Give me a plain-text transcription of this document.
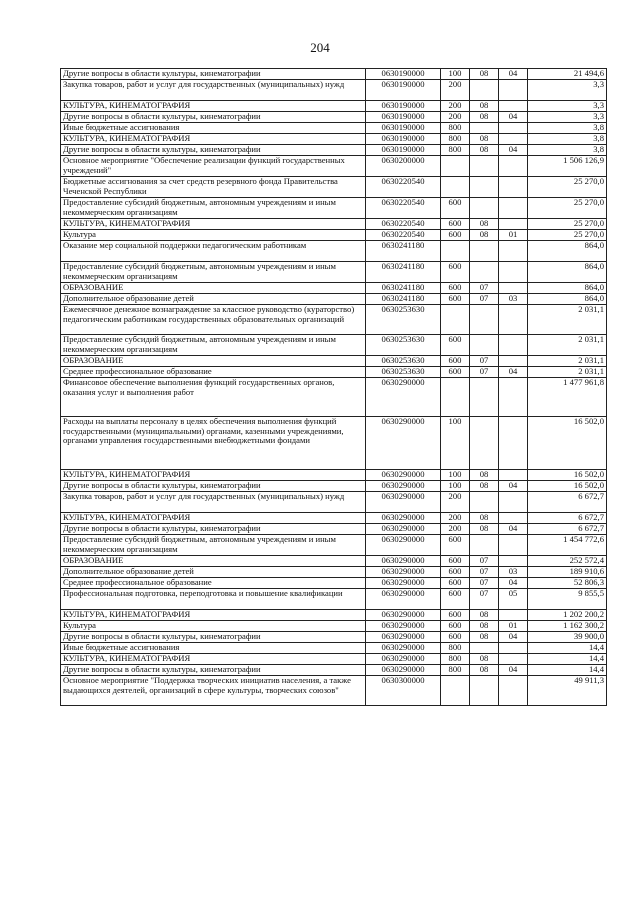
204
Другие вопросы в области культуры, кинематографии	0630190000	100	08	04	21 494,6
Закупка товаров, работ и услуг для государственных (муниципальных) нужд	0630190000	200			3,3
КУЛЬТУРА, КИНЕМАТОГРАФИЯ	0630190000	200	08		3,3
Другие вопросы в области культуры, кинематографии	0630190000	200	08	04	3,3
Иные бюджетные ассигнования	0630190000	800			3,8
КУЛЬТУРА, КИНЕМАТОГРАФИЯ	0630190000	800	08		3,8
Другие вопросы в области культуры, кинематографии	0630190000	800	08	04	3,8
Основное мероприятие "Обеспечение реализации функций государственных учреждений"	0630200000				1 506 126,9
Бюджетные ассигнования за счет средств резервного фонда Правительства Чеченской Республики	0630220540				25 270,0
Предоставление субсидий бюджетным, автономным учреждениям и иным некоммерческим организациям	0630220540	600			25 270,0
КУЛЬТУРА, КИНЕМАТОГРАФИЯ	0630220540	600	08		25 270,0
Культура	0630220540	600	08	01	25 270,0
Оказание мер социальной поддержки педагогическим работникам	0630241180				864,0
Предоставление субсидий бюджетным, автономным учреждениям и иным некоммерческим организациям	0630241180	600			864,0
ОБРАЗОВАНИЕ	0630241180	600	07		864,0
Дополнительное образование детей	0630241180	600	07	03	864,0
Ежемесячное денежное вознаграждение за классное руководство (кураторство) педагогическим работникам государственных образовательных организаций	0630253630				2 031,1
Предоставление субсидий бюджетным, автономным учреждениям и иным некоммерческим организациям	0630253630	600			2 031,1
ОБРАЗОВАНИЕ	0630253630	600	07		2 031,1
Среднее профессиональное образование	0630253630	600	07	04	2 031,1
Финансовое обеспечение выполнения функций государственных органов, оказания услуг и выполнения работ	0630290000				1 477 961,8
Расходы на выплаты персоналу в целях обеспечения выполнения функций государственными (муниципальными) органами, казенными учреждениями, органами управления государственными внебюджетными фондами	0630290000	100			16 502,0
КУЛЬТУРА, КИНЕМАТОГРАФИЯ	0630290000	100	08		16 502,0
Другие вопросы в области культуры, кинематографии	0630290000	100	08	04	16 502,0
Закупка товаров, работ и услуг для государственных (муниципальных) нужд	0630290000	200			6 672,7
КУЛЬТУРА, КИНЕМАТОГРАФИЯ	0630290000	200	08		6 672,7
Другие вопросы в области культуры, кинематографии	0630290000	200	08	04	6 672,7
Предоставление субсидий бюджетным, автономным учреждениям и иным некоммерческим организациям	0630290000	600			1 454 772,6
ОБРАЗОВАНИЕ	0630290000	600	07		252 572,4
Дополнительное образование детей	0630290000	600	07	03	189 910,6
Среднее профессиональное образование	0630290000	600	07	04	52 806,3
Профессиональная подготовка, переподготовка и повышение квалификации	0630290000	600	07	05	9 855,5
КУЛЬТУРА, КИНЕМАТОГРАФИЯ	0630290000	600	08		1 202 200,2
Культура	0630290000	600	08	01	1 162 300,2
Другие вопросы в области культуры, кинематографии	0630290000	600	08	04	39 900,0
Иные бюджетные ассигнования	0630290000	800			14,4
КУЛЬТУРА, КИНЕМАТОГРАФИЯ	0630290000	800	08		14,4
Другие вопросы в области культуры, кинематографии	0630290000	800	08	04	14,4
Основное мероприятие "Поддержка творческих инициатив населения, а также выдающихся деятелей, организаций в сфере культуры, творческих союзов"	0630300000				49 911,3
